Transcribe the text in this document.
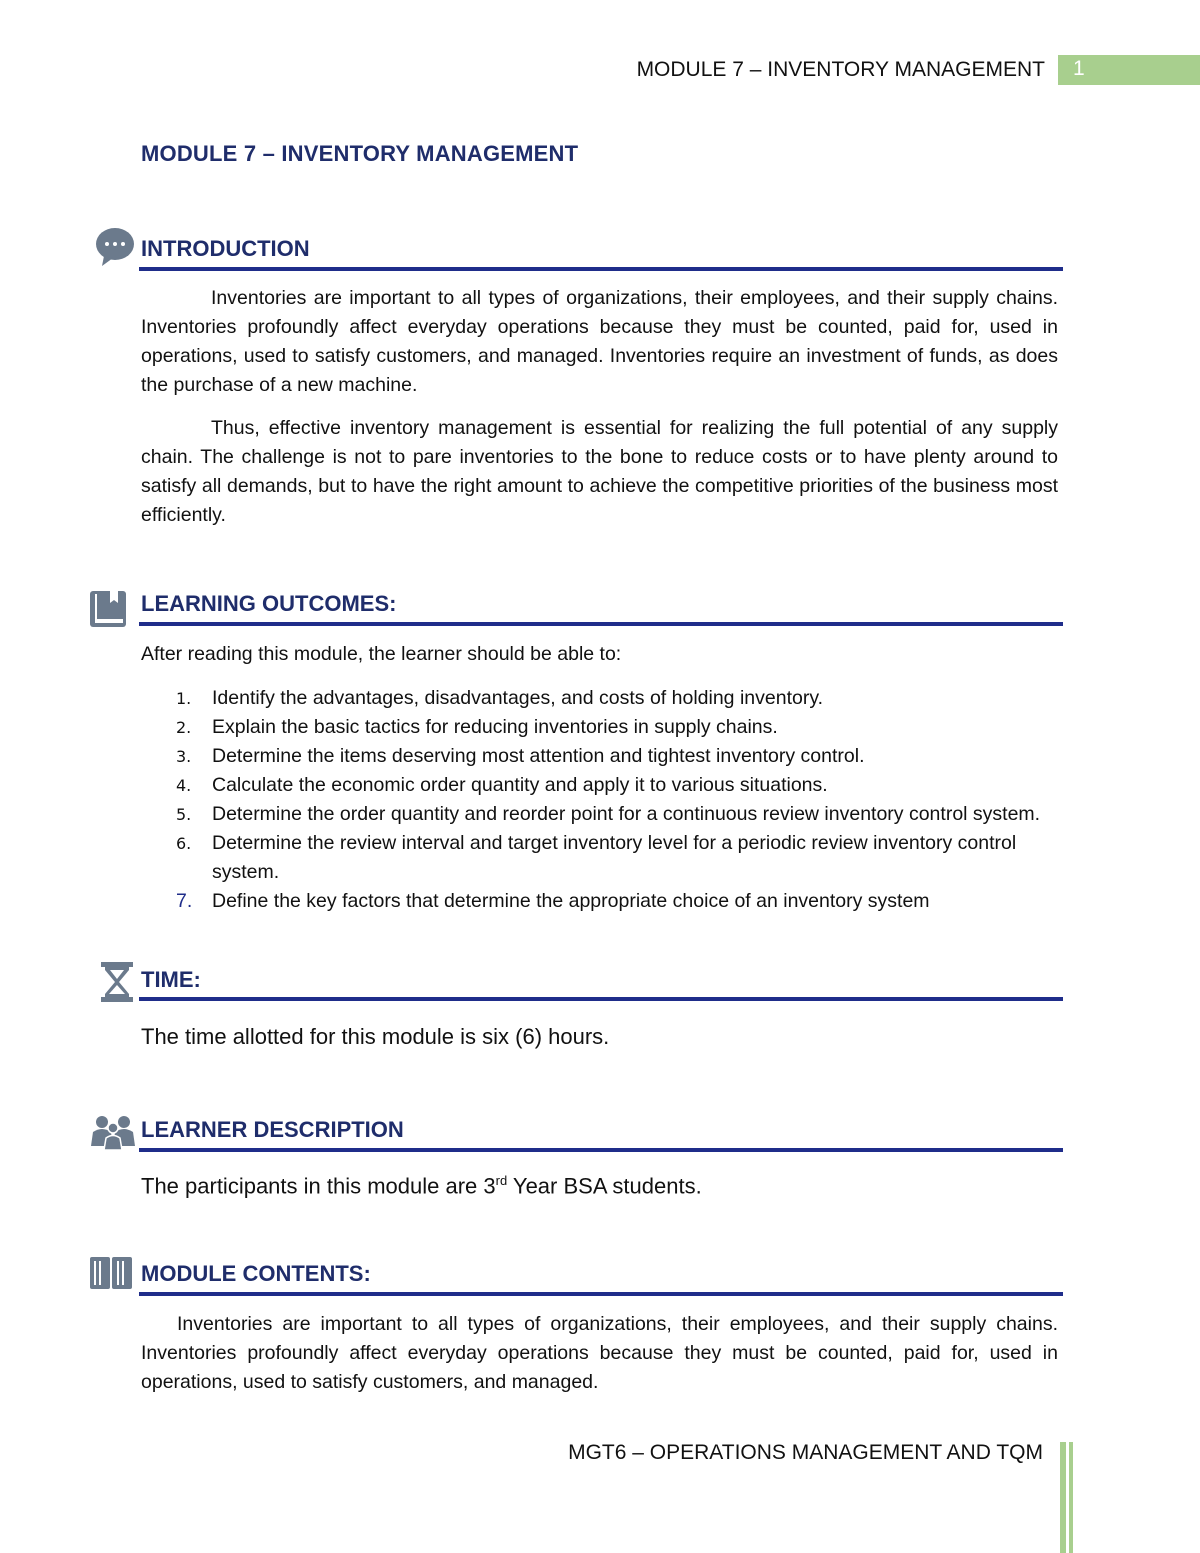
MODULE 7 – INVENTORY MANAGEMENT 1
MODULE 7 – INVENTORY MANAGEMENT
INTRODUCTION
Inventories are important to all types of organizations, their employees, and their supply chains. Inventories profoundly affect everyday operations because they must be counted, paid for, used in operations, used to satisfy customers, and managed. Inventories require an investment of funds, as does the purchase of a new machine.
Thus, effective inventory management is essential for realizing the full potential of any supply chain. The challenge is not to pare inventories to the bone to reduce costs or to have plenty around to satisfy all demands, but to have the right amount to achieve the competitive priorities of the business most efficiently.
LEARNING OUTCOMES:
After reading this module, the learner should be able to:
1. Identify the advantages, disadvantages, and costs of holding inventory.
2. Explain the basic tactics for reducing inventories in supply chains.
3. Determine the items deserving most attention and tightest inventory control.
4. Calculate the economic order quantity and apply it to various situations.
5. Determine the order quantity and reorder point for a continuous review inventory control system.
6. Determine the review interval and target inventory level for a periodic review inventory control system.
7. Define the key factors that determine the appropriate choice of an inventory system
TIME:
The time allotted for this module is six (6) hours.
LEARNER DESCRIPTION
The participants in this module are 3rd Year BSA students.
MODULE CONTENTS:
Inventories are important to all types of organizations, their employees, and their supply chains. Inventories profoundly affect everyday operations because they must be counted, paid for, used in operations, used to satisfy customers, and managed.
MGT6 – OPERATIONS MANAGEMENT AND TQM
